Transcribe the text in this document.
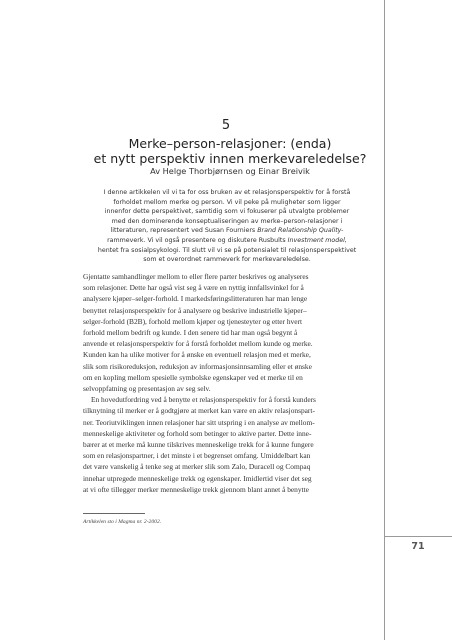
5
Merke–person-relasjoner: (enda)
et nytt perspektiv innen merkevareledelse?
Av Helge Thorbjørnsen og Einar Breivik
I denne artikkelen vil vi ta for oss bruken av et relasjonsperspektiv for å forstå
forholdet mellom merke og person. Vi vil peke på muligheter som ligger
innenfor dette perspektivet, samtidig som vi fokuserer på utvalgte problemer
med den dominerende konseptualiseringen av merke–person-relasjoner i
litteraturen, representert ved Susan Fourniers Brand Relationship Quality-
rammeverk. Vi vil også presentere og diskutere Rusbults Investment model,
hentet fra sosialpsykologi. Til slutt vil vi se på potensialet til relasjonsperspektivet
som et overordnet rammeverk for merkevareledelse.
Gjentatte samhandlinger mellom to eller flere parter beskrives og analyseres
som relasjoner. Dette har også vist seg å være en nyttig innfallsvinkel for å
analysere kjøper–selger-forhold. I markedsføringslitteraturen har man lenge
benyttet relasjonsperspektiv for å analysere og beskrive industrielle kjøper–
selger-forhold (B2B), forhold mellom kjøper og tjenesteyter og etter hvert
forhold mellom bedrift og kunde. I den senere tid har man også begynt å
anvende et relasjonsperspektiv for å forstå forholdet mellom kunde og merke.
Kunden kan ha ulike motiver for å ønske en eventuell relasjon med et merke,
slik som risikoreduksjon, reduksjon av informasjonsinnsamling eller et ønske
om en kopling mellom spesielle symbolske egenskaper ved et merke til en
selvoppfatning og presentasjon av seg selv.
En hovedutfordring ved å benytte et relasjonsperspektiv for å forstå kunders
tilknytning til merker er å godtgjøre at merket kan være en aktiv relasjonspart-
ner. Teoriutviklingen innen relasjoner har sitt utspring i en analyse av mellom-
menneskelige aktiviteter og forhold som betinger to aktive parter. Dette inne-
bærer at et merke må kunne tilskrives menneskelige trekk for å kunne fungere
som en relasjonspartner, i det minste i et begrenset omfang. Umiddelbart kan
det være vanskelig å tenke seg at merker slik som Zalo, Duracell og Compaq
innehar utpregede menneskelige trekk og egenskaper. Imidlertid viser det seg
at vi ofte tillegger merker menneskelige trekk gjennom blant annet å benytte
Artikkelen sto i Magma nr. 2-2002.
71
